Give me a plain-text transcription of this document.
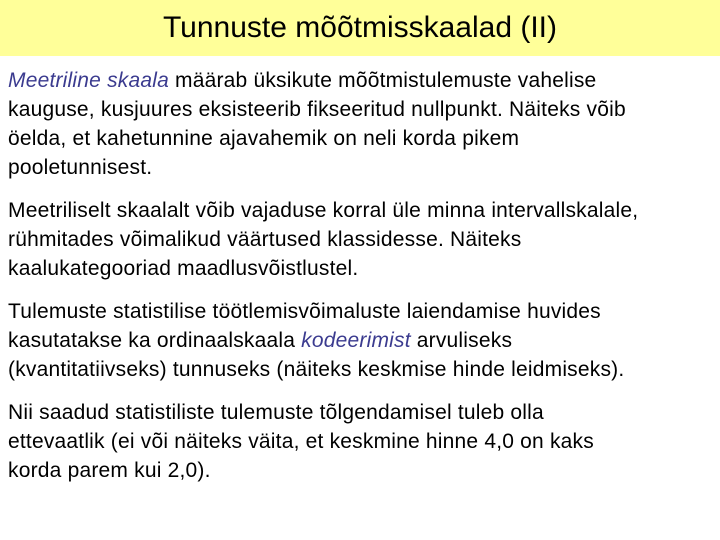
Tunnuste mõõtmisskaalad (II)

Meetriline skaala määrab üksikute mõõtmistulemuste vahelise
kauguse, kusjuures eksisteerib fikseeritud nullpunkt. Näiteks võib
öelda, et kahetunnine ajavahemik on neli korda pikem
pooletunnisest.

Meetriliselt skaalalt võib vajaduse korral üle minna intervallskalale,
rühmitades võimalikud väärtused klassidesse. Näiteks
kaalukategooriad maadlusvõistlustel.

Tulemuste statistilise töötlemisvõimaluste laiendamise huvides
kasutatakse ka ordinaalskaala kodeerimist arvuliseks
(kvantitatiivseks) tunnuseks (näiteks keskmise hinde leidmiseks).

Nii saadud statistiliste tulemuste tõlgendamisel tuleb olla
ettevaatlik (ei või näiteks väita, et keskmine hinne 4,0 on kaks
korda parem kui 2,0).
